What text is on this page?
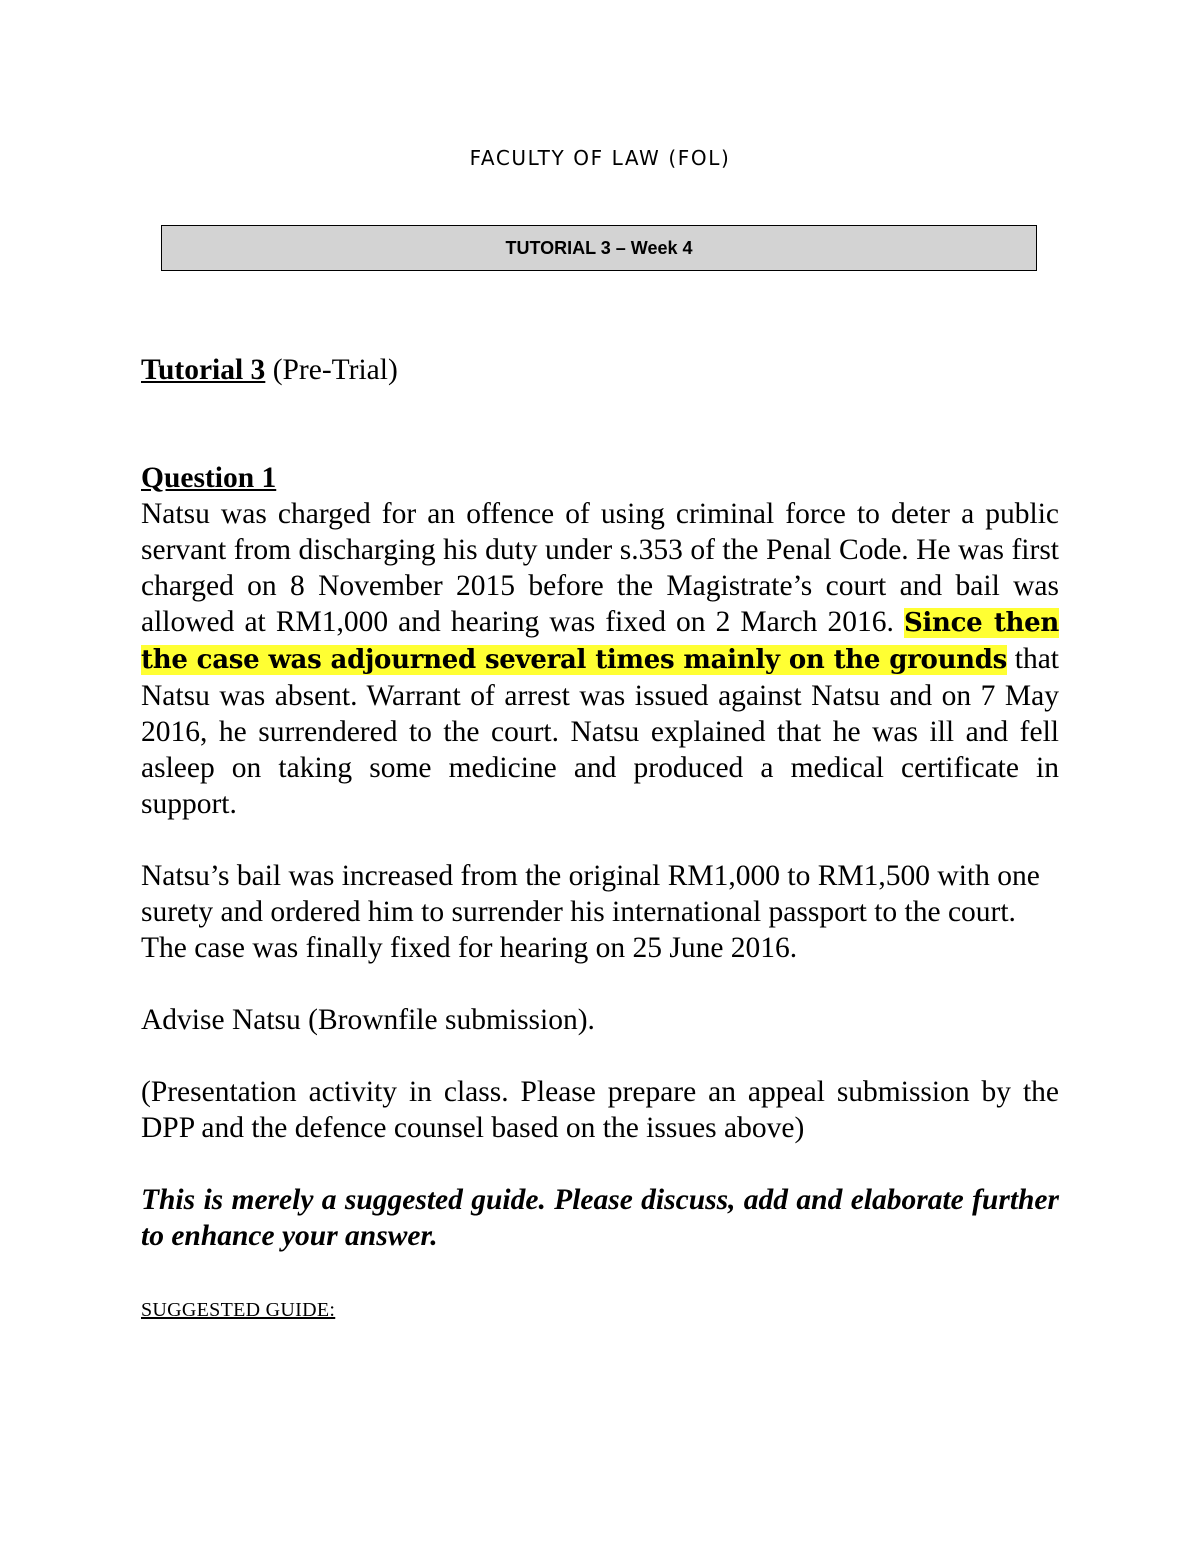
FACULTY OF LAW (FOL)
TUTORIAL 3 – Week 4

Tutorial 3 (Pre-Trial)

Question 1

Natsu was charged for an offence of using criminal force to deter a public servant from discharging his duty under s.353 of the Penal Code. He was first charged on 8 November 2015 before the Magistrate’s court and bail was allowed at RM1,000 and hearing was fixed on 2 March 2016. Since then the case was adjourned several times mainly on the grounds that Natsu was absent. Warrant of arrest was issued against Natsu and on 7 May 2016, he surrendered to the court. Natsu explained that he was ill and fell asleep on taking some medicine and produced a medical certificate in support.

Natsu’s bail was increased from the original RM1,000 to RM1,500 with one surety and ordered him to surrender his international passport to the court. The case was finally fixed for hearing on 25 June 2016.

Advise Natsu (Brownfile submission).

(Presentation activity in class. Please prepare an appeal submission by the DPP and the defence counsel based on the issues above)

This is merely a suggested guide. Please discuss, add and elaborate further to enhance your answer.

SUGGESTED GUIDE:
